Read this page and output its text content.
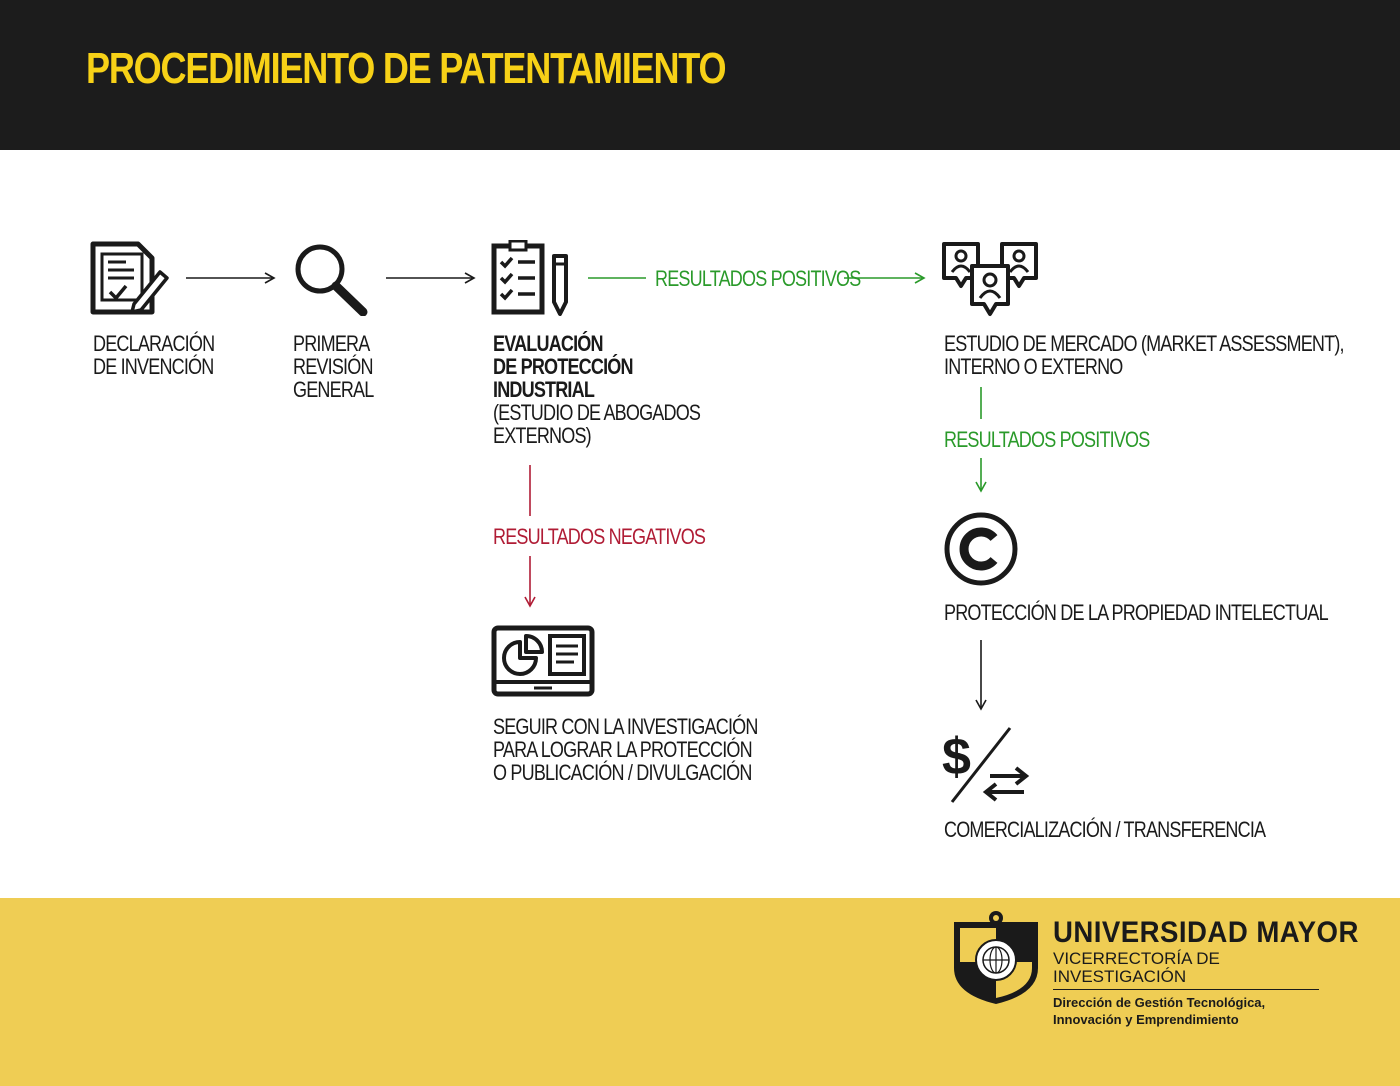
PROCEDIMIENTO DE PATENTAMIENTO
$
DECLARACIÓN
DE INVENCIÓN
PRIMERA
REVISIÓN
GENERAL
EVALUACIÓN
DE PROTECCIÓN
INDUSTRIAL
(ESTUDIO DE ABOGADOS
EXTERNOS)
ESTUDIO DE MERCADO (MARKET ASSESSMENT),
INTERNO O EXTERNO
SEGUIR CON LA INVESTIGACIÓN
PARA LOGRAR LA PROTECCIÓN
O PUBLICACIÓN / DIVULGACIÓN
PROTECCIÓN DE LA PROPIEDAD INTELECTUAL
COMERCIALIZACIÓN / TRANSFERENCIA
RESULTADOS POSITIVOS
RESULTADOS POSITIVOS
RESULTADOS NEGATIVOS
UNIVERSIDAD MAYOR
VICERRECTORÍA DE
INVESTIGACIÓN
Dirección de Gestión Tecnológica,
Innovación y Emprendimiento
